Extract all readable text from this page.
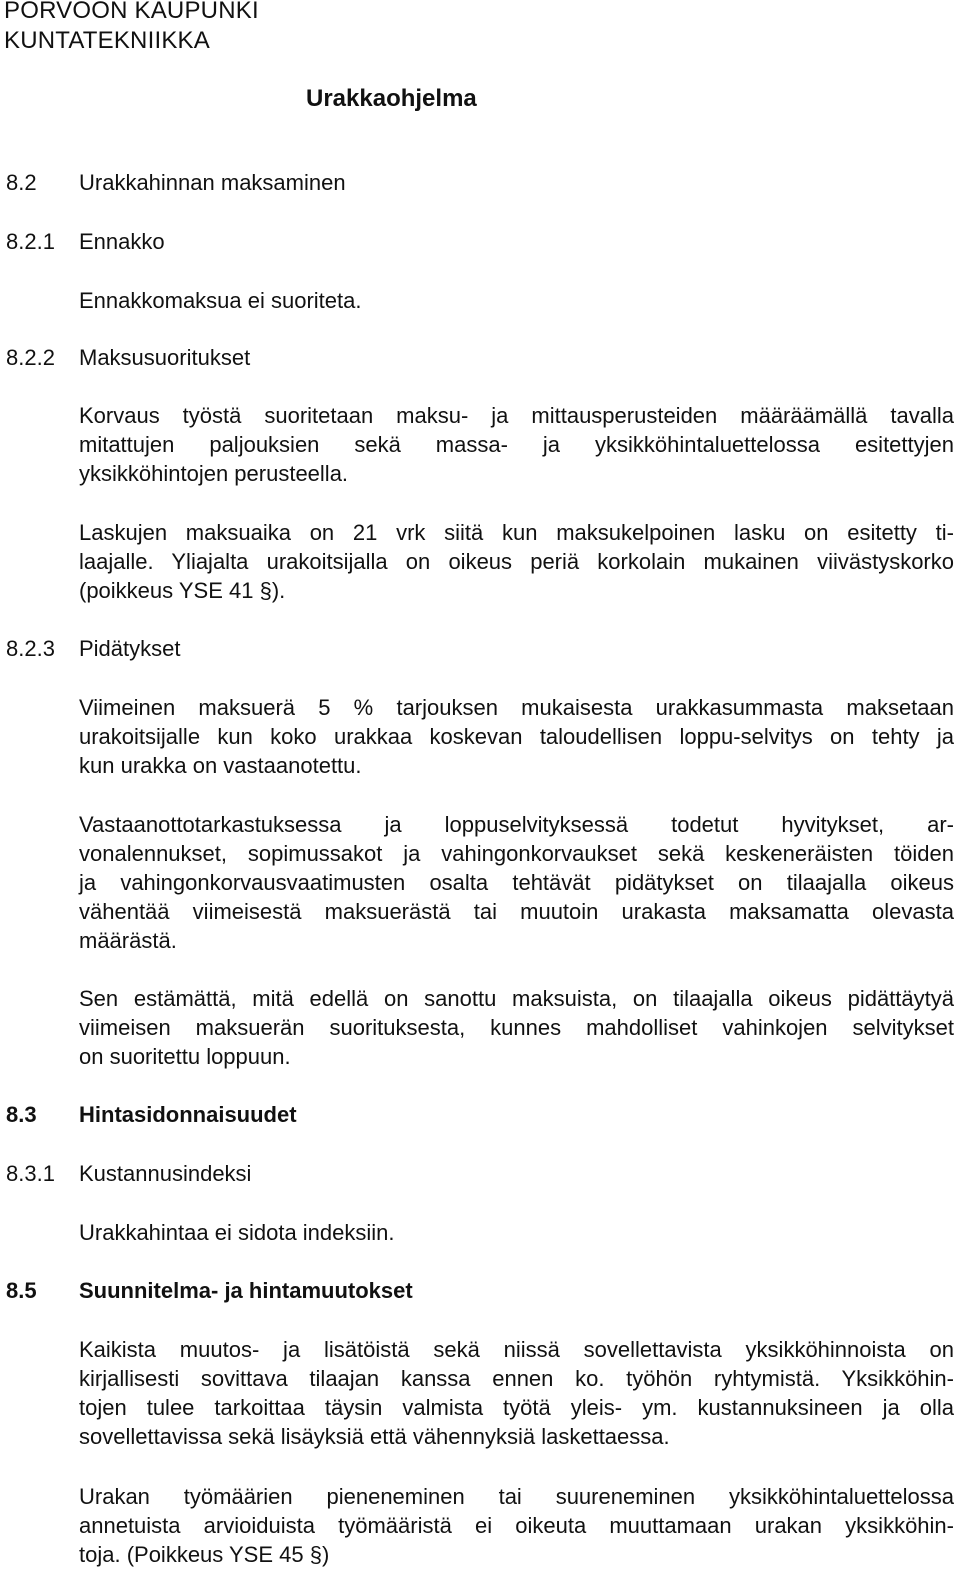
PORVOON KAUPUNKI
KUNTATEKNIIKKA
Urakkaohjelma
8.2 Urakkahinnan maksaminen
8.2.1 Ennakko
Ennakkomaksua ei suoriteta.
8.2.2 Maksusuoritukset
Korvaus työstä suoritetaan maksu- ja mittausperusteiden määräämällä tavalla
mitattujen paljouksien sekä massa- ja yksikköhintaluettelossa esitettyjen
yksikköhintojen perusteella.
Laskujen maksuaika on 21 vrk siitä kun maksukelpoinen lasku on esitetty ti-
laajalle. Yliajalta urakoitsijalla on oikeus periä korkolain mukainen viivästyskorko
(poikkeus YSE 41 §).
8.2.3 Pidätykset
Viimeinen maksuerä 5 % tarjouksen mukaisesta urakkasummasta maksetaan
urakoitsijalle kun koko urakkaa koskevan taloudellisen loppu-selvitys on tehty ja
kun urakka on vastaanotettu.
Vastaanottotarkastuksessa ja loppuselvityksessä todetut hyvitykset, ar-
vonalennukset, sopimussakot ja vahingonkorvaukset sekä keskeneräisten töiden
ja vahingonkorvausvaatimusten osalta tehtävät pidätykset on tilaajalla oikeus
vähentää viimeisestä maksuerästä tai muutoin urakasta maksamatta olevasta
määrästä.
Sen estämättä, mitä edellä on sanottu maksuista, on tilaajalla oikeus pidättäytyä
viimeisen maksuerän suorituksesta, kunnes mahdolliset vahinkojen selvitykset
on suoritettu loppuun.
8.3 Hintasidonnaisuudet
8.3.1 Kustannusindeksi
Urakkahintaa ei sidota indeksiin.
8.5 Suunnitelma- ja hintamuutokset
Kaikista muutos- ja lisätöistä sekä niissä sovellettavista yksikköhinnoista on
kirjallisesti sovittava tilaajan kanssa ennen ko. työhön ryhtymistä. Yksikköhin-
tojen tulee tarkoittaa täysin valmista työtä yleis- ym. kustannuksineen ja olla
sovellettavissa sekä lisäyksiä että vähennyksiä laskettaessa.
Urakan työmäärien pieneneminen tai suureneminen yksikköhintaluettelossa
annetuista arvioiduista työmääristä ei oikeuta muuttamaan urakan yksikköhin-
toja. (Poikkeus YSE 45 §)
